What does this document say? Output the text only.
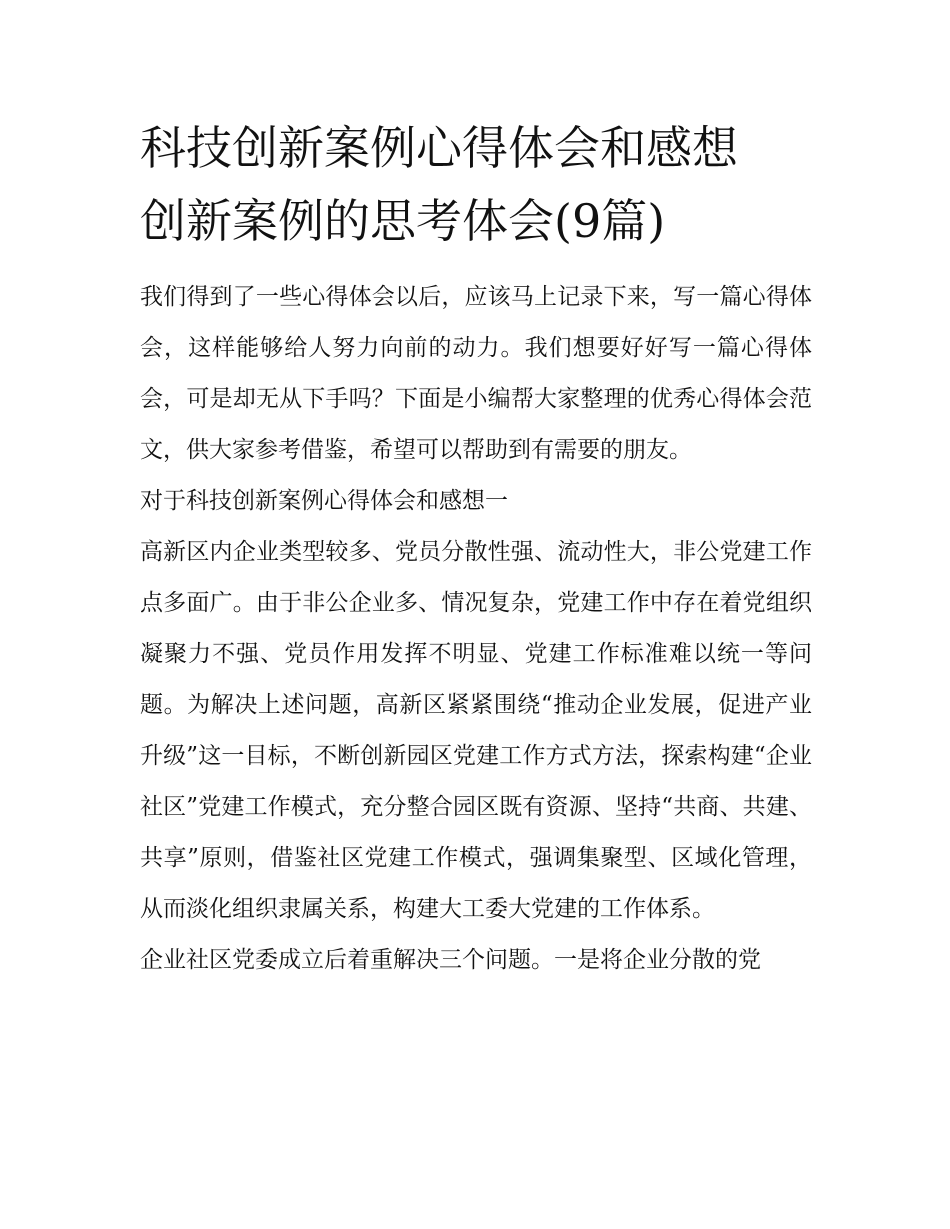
科技创新案例心得体会和感想
创新案例的思考体会(9篇)

我们得到了一些心得体会以后，应该马上记录下来，写一篇心得体会，这样能够给人努力向前的动力。我们想要好好写一篇心得体会，可是却无从下手吗？下面是小编帮大家整理的优秀心得体会范文，供大家参考借鉴，希望可以帮助到有需要的朋友。

对于科技创新案例心得体会和感想一

高新区内企业类型较多、党员分散性强、流动性大，非公党建工作点多面广。由于非公企业多、情况复杂，党建工作中存在着党组织凝聚力不强、党员作用发挥不明显、党建工作标准难以统一等问题。为解决上述问题，高新区紧紧围绕“推动企业发展，促进产业升级”这一目标，不断创新园区党建工作方式方法，探索构建“企业社区”党建工作模式，充分整合园区既有资源、坚持“共商、共建、共享”原则，借鉴社区党建工作模式，强调集聚型、区域化管理，从而淡化组织隶属关系，构建大工委大党建的工作体系。

企业社区党委成立后着重解决三个问题。一是将企业分散的党
